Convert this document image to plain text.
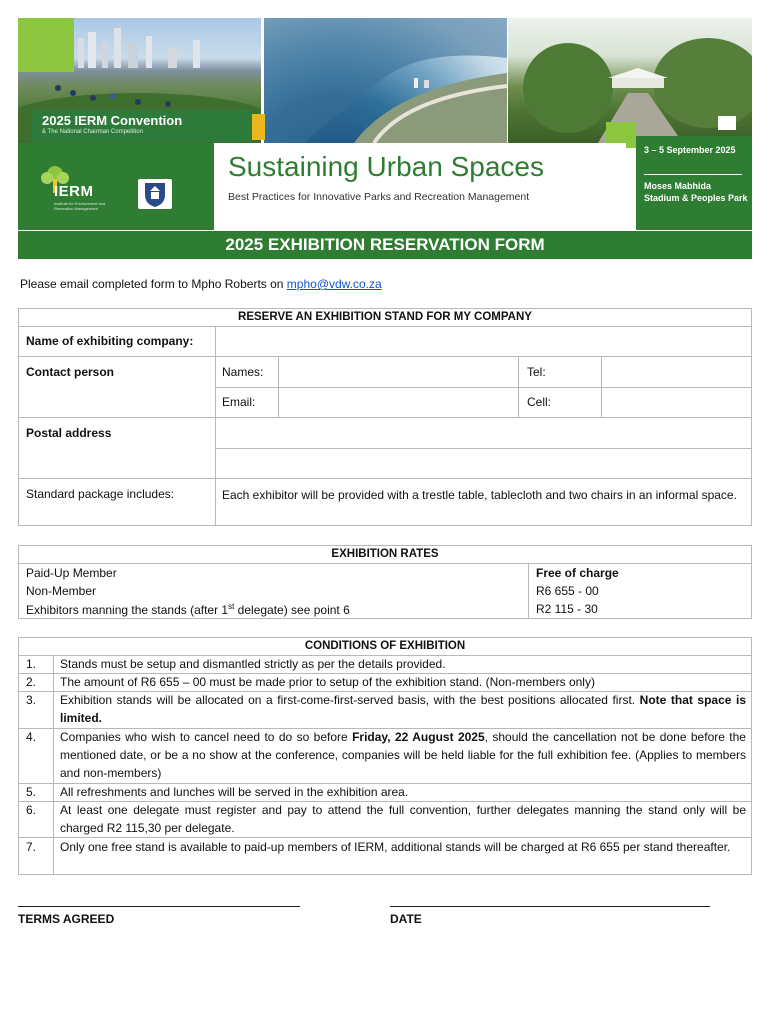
2025 IERM Convention
& The National Chairman Competition
IERM
Institute for Environment and Recreation Management
Sustaining Urban Spaces
Best Practices for Innovative Parks and Recreation Management
3 – 5 September 2025
Moses Mabhida Stadium & Peoples Park
2025 EXHIBITION RESERVATION FORM
Please email completed form to Mpho Roberts on mpho@vdw.co.za
RESERVE AN EXHIBITION STAND FOR MY COMPANY
Name of exhibiting company:
Contact person	Names:	Tel:
Email:	Cell:
Postal address
Standard package includes:	Each exhibitor will be provided with a trestle table, tablecloth and two chairs in an informal space.
EXHIBITION RATES
Paid-Up Member	Free of charge
Non-Member	R6 655 - 00
Exhibitors manning the stands (after 1st delegate) see point 6	R2 115 - 30
CONDITIONS OF EXHIBITION
1. Stands must be setup and dismantled strictly as per the details provided.
2. The amount of R6 655 – 00 must be made prior to setup of the exhibition stand. (Non-members only)
3. Exhibition stands will be allocated on a first-come-first-served basis, with the best positions allocated first. Note that space is limited.
4. Companies who wish to cancel need to do so before Friday, 22 August 2025, should the cancellation not be done before the mentioned date, or be a no show at the conference, companies will be held liable for the full exhibition fee. (Applies to members and non-members)
5. All refreshments and lunches will be served in the exhibition area.
6. At least one delegate must register and pay to attend the full convention, further delegates manning the stand only will be charged R2 115,30 per delegate.
7. Only one free stand is available to paid-up members of IERM, additional stands will be charged at R6 655 per stand thereafter.
TERMS AGREED	DATE
